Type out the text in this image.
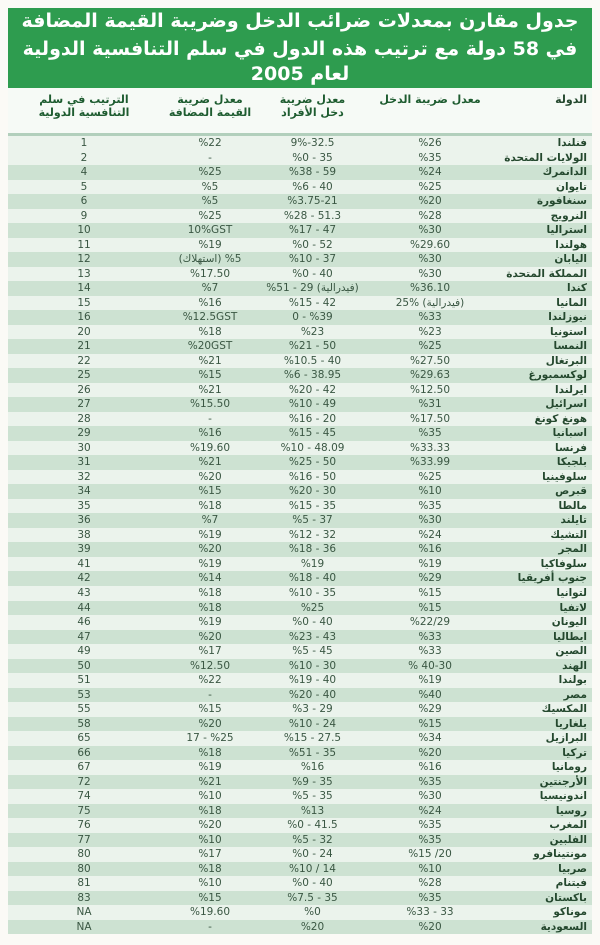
جدول مقارن بمعدلات ضرائب الدخل وضريبة القيمة المضافة
في 58 دولة مع ترتيب هذه الدول في سلم التنافسية الدولية لعام 2005
الدولة
معدل ضريبة الدخل
معدل ضريبة
دخل الأفراد
معدل ضريبة
القيمة المضافة
الترتيب في سلم
التنافسية الدولية
فنلندا
%26
9%-32.5
%22
1
الولايات المتحدة
%35
%0 - 35
-
2
الدانمرك
%24
%38 - 59
%25
4
تايوان
%25
%6 - 40
%5
5
سنغافورة
%20
%3.75-21
%5
6
النرويج
%28
%28 - 51.3
%25
9
استراليا
%30
%17 - 47
10%GST
10
هولندا
%29.60
%0 - 52
%19
11
اليابان
%30
%10 - 37
(استهلاك) %5
12
المملكة المتحدة
%30
%0 - 40
%17.50
13
كندا
%36.10
%51 - 29 (فيدرالية)
%7
14
المانيا
25% (فيدرالية)
%15 - 42
%16
15
نيوزلندا
%33
0 - %39
%12.5GST
16
استونيا
%23
%23
%18
20
النمسا
%25
%21 - 50
%20GST
21
البرتغال
%27.50
%10.5 - 40
%21
22
لوكسمبورغ
%29.63
%6 - 38.95
%15
25
ايرلندا
%12.50
%20 - 42
%21
26
اسرائيل
%31
%10 - 49
%15.50
27
هونغ كونغ
%17.50
%16 - 20
-
28
اسبانيا
%35
%15 - 45
%16
29
فرنسا
%33.33
%10 - 48.09
%19.60
30
بلجيكا
%33.99
%25 - 50
%21
31
سلوفينيا
%25
%16 - 50
%20
32
قبرص
%10
%20 - 30
%15
34
مالطا
%35
%15 - 35
%18
35
تايلند
%30
%5 - 37
%7
36
التشيك
%24
%12 - 32
%19
38
المجر
%16
%18 - 36
%20
39
سلوفاكيا
%19
%19
%19
41
جنوب أفريقيا
%29
%18 - 40
%14
42
لتوانيا
%15
%10 - 35
%18
43
لاتفيا
%15
%25
%18
44
اليونان
%22/29
%0 - 40
%19
46
ايطاليا
%33
%23 - 43
%20
47
الصين
%33
%5 - 45
%17
49
الهند
% 40-30
%10 - 30
%12.50
50
بولندا
%19
%19 - 40
%22
51
مصر
%40
%20 - 40
-
53
المكسيك
%29
%3 - 29
%15
55
بلغاريا
%15
%10 - 24
%20
58
البرازيل
%34
%15 - 27.5
17 - %25
65
تركيا
%20
%51 - 35
%18
66
رومانيا
%16
%16
%19
67
الأرجنتين
%35
%9 - 35
%21
72
اندونيسيا
%30
%5 - 35
%10
74
روسيا
%24
%13
%18
75
المغرب
%35
%0 - 41.5
%20
76
الفلبين
%35
%5 - 32
%10
77
مونتينافرو
%15 /20
%0 - 24
%17
80
صربيا
%10
%10 / 14
%18
80
فيتنام
%28
%0 - 40
%10
81
باكستان
%35
%7.5 - 35
%15
83
موناكو
%33 - 33
%0
%19.60
NA
السعودية
%20
%20
-
NA
